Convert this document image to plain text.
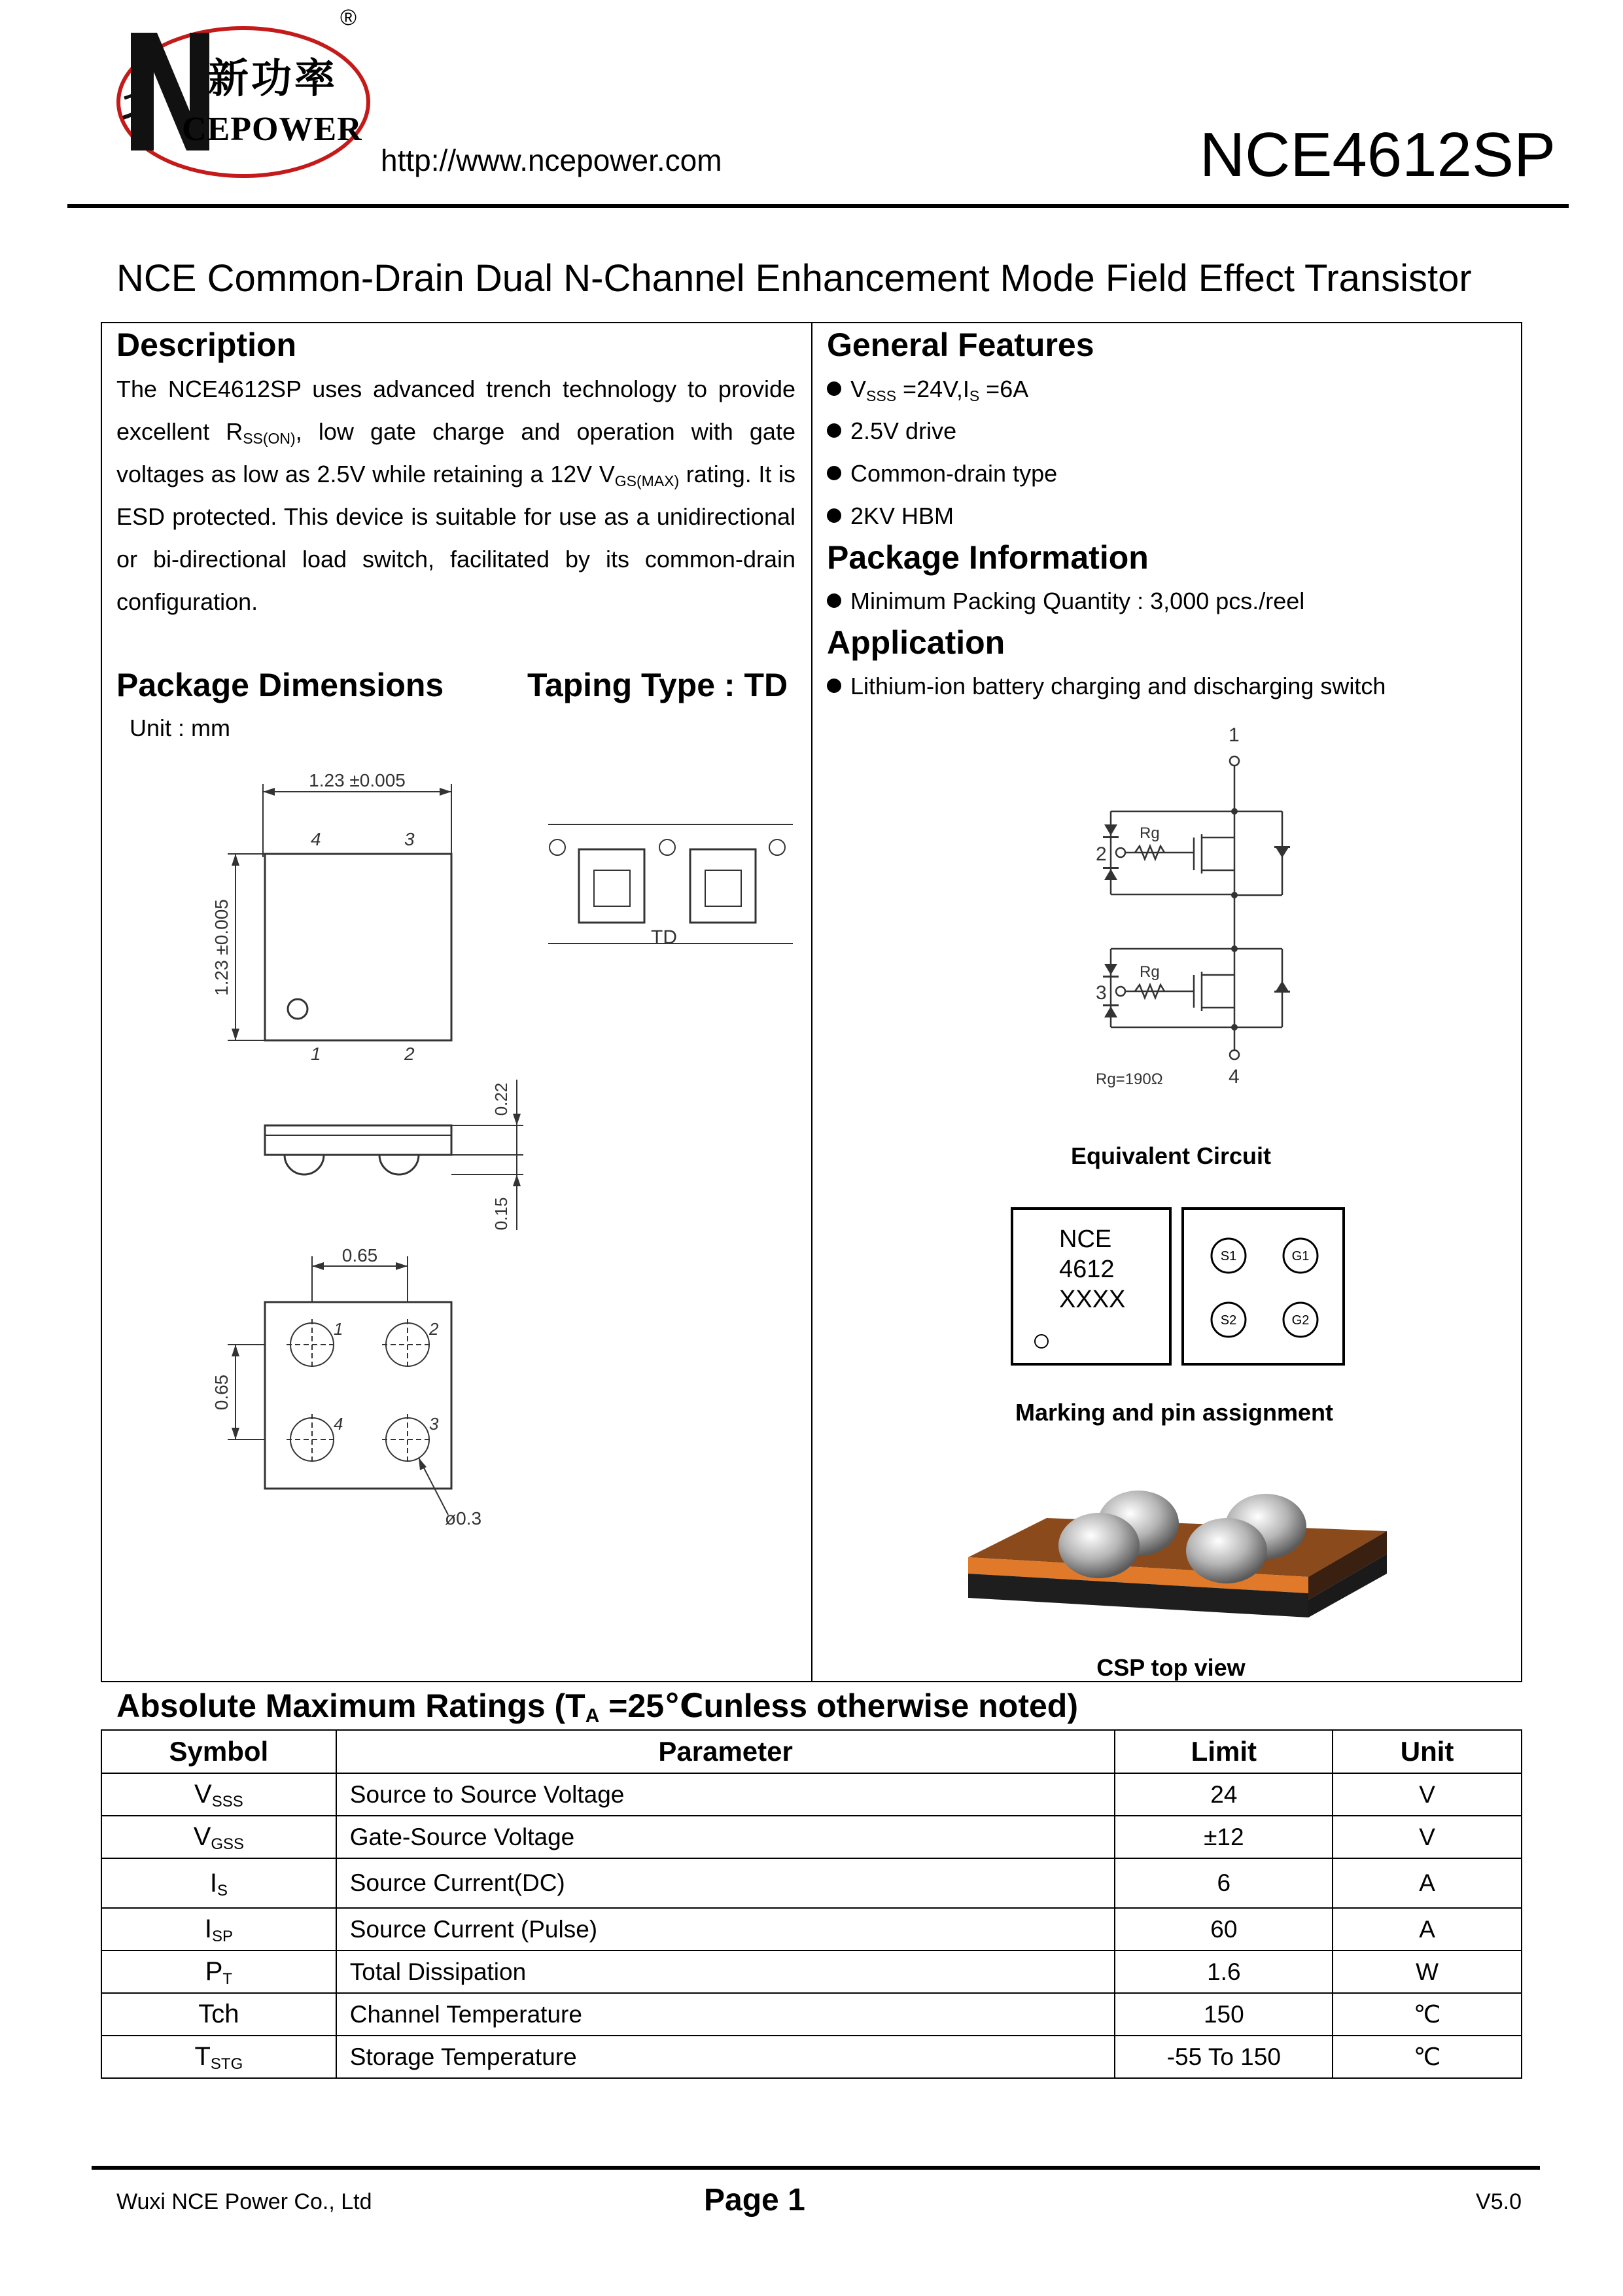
新功率
CEPOWER
®
http://www.ncepower.com	NCE4612SP
NCE Common-Drain Dual N-Channel Enhancement Mode Field Effect Transistor
Description
The NCE4612SP uses advanced trench technology to provide excellent $R_{SS(ON)}$, low gate charge and operation with gate voltages as low as 2.5V while retaining a 12V $V_{GS(MAX)}$ rating. It is ESD protected. This device is suitable for use as a unidirectional or bi-directional load switch, facilitated by its common-drain configuration.
Package Dimensions	Taping Type : TD
Unit : mm
1.23 ±0.005
1.23 ±0.005
4	3
1	2
TD
0.22
0.15
0.65
0.65
1	2
4	3
ø0.3
General Features
$V_{SSS} =24V,I_S =6A$
2.5V drive
Common-drain type
2KV HBM
Package Information
Minimum Packing Quantity : 3,000 pcs./reel
Application
Lithium-ion battery charging and discharging switch
1
2
3
4
Rg
Rg
Rg=190Ω
Equivalent Circuit
NCE
4612
XXXX
S1	G1
S2	G2
Marking and pin assignment
CSP top view
Absolute Maximum Ratings ($T_A$ =25℃unless otherwise noted)
Symbol	Parameter	Limit	Unit
$V_{SSS}$	Source to Source Voltage	24	V
$V_{GSS}$	Gate-Source Voltage	±12	V
$I_S$	Source Current(DC)	6	A
$I_{SP}$	Source Current (Pulse)	60	A
$P_T$	Total Dissipation	1.6	W
Tch	Channel Temperature	150	℃
$T_{STG}$	Storage Temperature	-55 To 150	℃
Wuxi NCE Power Co., Ltd	Page 1	V5.0
